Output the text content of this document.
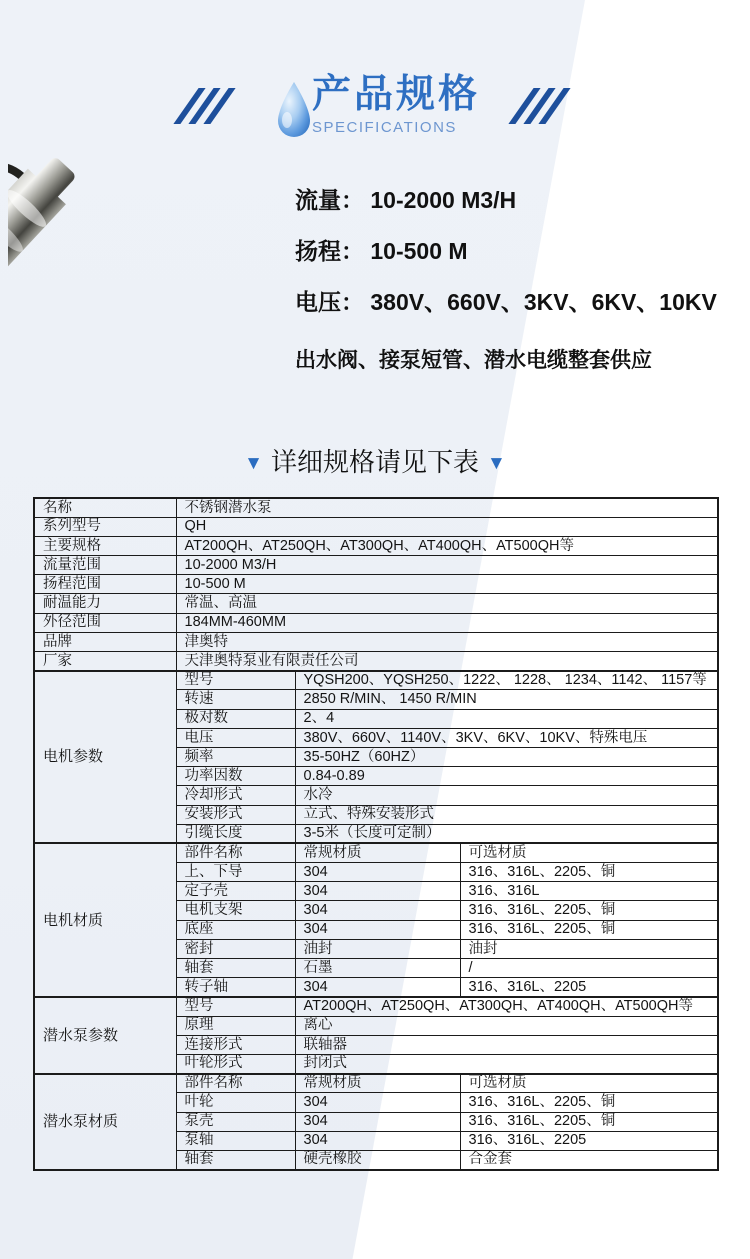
产品规格
SPECIFICATIONS
流量： 10-2000 M3/H
扬程： 10-500 M
电压： 380V、660V、3KV、6KV、10KV
出水阀、接泵短管、潜水电缆整套供应
▼ 详细规格请见下表 ▼
名称	不锈钢潜水泵		
系列型号	QH		
主要规格	AT200QH、AT250QH、AT300QH、AT400QH、AT500QH等		
流量范围	10-2000 M3/H		
扬程范围	10-500 M		
耐温能力	常温、高温		
外径范围	184MM-460MM		
品牌	津奥特		
厂家	天津奥特泵业有限责任公司		
电机参数	型号	YQSH200、YQSH250、1222、 1228、 1234、1142、 1157等	
	转速	2850 R/MIN、 1450 R/MIN	
	极对数	2、4	
	电压	380V、660V、1140V、3KV、6KV、10KV、特殊电压	
	频率	35-50HZ（60HZ）	
	功率因数	0.84-0.89	
	冷却形式	水冷	
	安装形式	立式、特殊安装形式	
	引缆长度	3-5米（长度可定制）	
电机材质	部件名称	常规材质	可选材质
	上、下导	304	316、316L、2205、铜
	定子壳	304	316、316L
	电机支架	304	316、316L、2205、铜
	底座	304	316、316L、2205、铜
	密封	油封	油封
	轴套	石墨	/
	转子轴	304	316、316L、2205
潜水泵参数	型号	AT200QH、AT250QH、AT300QH、AT400QH、AT500QH等	
	原理	离心	
	连接形式	联轴器	
	叶轮形式	封闭式	
潜水泵材质	部件名称	常规材质	可选材质
	叶轮	304	316、316L、2205、铜
	泵壳	304	316、316L、2205、铜
	泵轴	304	316、316L、2205
	轴套	硬壳橡胶	合金套
